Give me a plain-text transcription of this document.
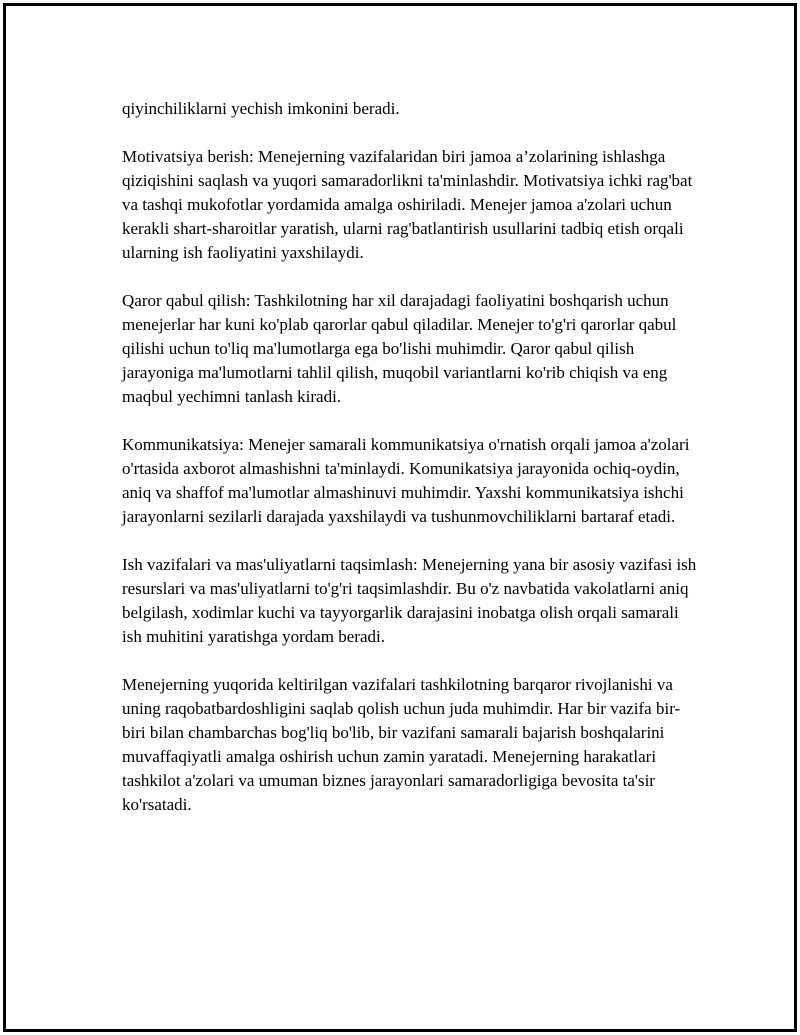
qiyinchiliklarni yechish imkonini beradi.

Motivatsiya berish: Menejerning vazifalaridan biri jamoa a’zolarining ishlashga qiziqishini saqlash va yuqori samaradorlikni ta'minlashdir. Motivatsiya ichki rag'bat va tashqi mukofotlar yordamida amalga oshiriladi. Menejer jamoa a'zolari uchun kerakli shart-sharoitlar yaratish, ularni rag'batlantirish usullarini tadbiq etish orqali ularning ish faoliyatini yaxshilaydi.

Qaror qabul qilish: Tashkilotning har xil darajadagi faoliyatini boshqarish uchun menejerlar har kuni ko'plab qarorlar qabul qiladilar. Menejer to'g'ri qarorlar qabul qilishi uchun to'liq ma'lumotlarga ega bo'lishi muhimdir. Qaror qabul qilish jarayoniga ma'lumotlarni tahlil qilish, muqobil variantlarni ko'rib chiqish va eng maqbul yechimni tanlash kiradi.

Kommunikatsiya: Menejer samarali kommunikatsiya o'rnatish orqali jamoa a'zolari o'rtasida axborot almashishni ta'minlaydi. Komunikatsiya jarayonida ochiq-oydin, aniq va shaffof ma'lumotlar almashinuvi muhimdir. Yaxshi kommunikatsiya ishchi jarayonlarni sezilarli darajada yaxshilaydi va tushunmovchiliklarni bartaraf etadi.

Ish vazifalari va mas'uliyatlarni taqsimlash: Menejerning yana bir asosiy vazifasi ish resurslari va mas'uliyatlarni to'g'ri taqsimlashdir. Bu o'z navbatida vakolatlarni aniq belgilash, xodimlar kuchi va tayyorgarlik darajasini inobatga olish orqali samarali ish muhitini yaratishga yordam beradi.

Menejerning yuqorida keltirilgan vazifalari tashkilotning barqaror rivojlanishi va uning raqobatbardoshligini saqlab qolish uchun juda muhimdir. Har bir vazifa bir-biri bilan chambarchas bog'liq bo'lib, bir vazifani samarali bajarish boshqalarini muvaffaqiyatli amalga oshirish uchun zamin yaratadi. Menejerning harakatlari tashkilot a'zolari va umuman biznes jarayonlari samaradorligiga bevosita ta'sir ko'rsatadi.
